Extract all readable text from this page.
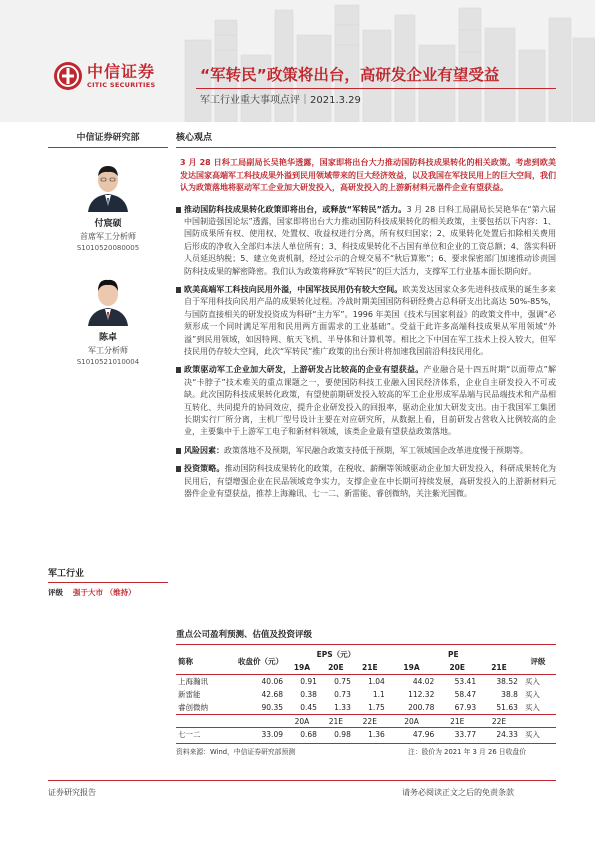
中信证券
CITIC SECURITIES
“军转民”政策将出台，高研发企业有望受益
军工行业重大事项点评｜2021.3.29
中信证券研究部
付宸硕
首席军工分析师
S1010520080005
陈卓
军工分析师
S1010521010004
军工行业
评级 强于大市 （维持）
核心观点
3 月 28 日科工局副局长吴艳华透露，国家即将出台大力推动国防科技成果转化的相关政策。考虑到欧美发达国家高端军工科技成果外溢到民用领域带来的巨大经济效益，以及我国在军技民用上的巨大空间，我们认为政策落地将驱动军工企业加大研发投入，高研发投入的上游新材料元器件企业有望获益。
推动国防科技成果转化政策即将出台，或释放“军转民”活力。3 月 28 日科工局副局长吴艳华在“第六届中国制造强国论坛”透露，国家即将出台大力推动国防科技成果转化的相关政策，主要包括以下内容：1、国防成果所有权、使用权、处置权、收益权进行分离，所有权归国家；2、成果转化处置后扣除相关费用后形成的净收入全部归本法人单位所有；3、科技成果转化不占国有单位和企业的工资总额；4、落实科研人员延迟纳税；5、建立免责机制，经过公示的合规交易不“秋后算账”；6、要求保密部门加速推动诊责国防科技成果的解密降密。我们认为政策将释放“军转民”的巨大活力，支撑军工行业基本面长期向好。
欧美高端军工科技向民用外溢，中国军技民用仍有较大空间。欧美发达国家众多先进科技成果的诞生多来自于军用科技向民用产品的成果转化过程。冷战时期美国国防科研经费占总科研支出比高达 50%-85%，与国防直接相关的研发投资成为科研“主力军”。1996 年美国《技术与国家利益》的政策文件中，强调“必须形成一个同时满足军用和民用两方面需求的工业基础”。受益于此许多高端科技成果从军用领域“外溢”到民用领域，如因特网、航天飞机、半导体和计算机等。相比之下中国在军工技术上投入较大，但军技民用仍存较大空间，此次“军转民”推广政策的出台预计将加速我国前沿科技民用化。
政策驱动军工企业加大研发，上游研发占比较高的企业有望获益。产业融合是十四五时期“以面带点”解决“卡脖子”技术难关的重点课题之一，要使国防科技工业融入国民经济体系，企业自主研发投入不可或缺。此次国防科技成果转化政策，有望使前期研发投入较高的军工企业形成军品端与民品端技术和产品相互转化、共同提升的协同效应，提升企业研发投入的回报率，驱动企业加大研发支出。由于我国军工集团长期实行厂所分离，主机厂型号设计主要在对应研究所，从数据上看，目前研发占营收入比例较高的企业，主要集中于上游军工电子和新材料领域，该类企业最有望获益政策落地。
风险因素：政策落地不及预期，军民融合政策支持低于预期，军工领域国企改革进度慢于预期等。
投资策略。推动国防科技成果转化的政策，在税收、薪酬等领域驱动企业加大研发投入，科研成果转化为民用后，有望增强企业在民品领域竞争实力，支撑企业在中长期可持续发展，高研发投入的上游新材料元器件企业有望获益，推荐上海瀚讯、七一二、新雷能、睿创微纳，关注紫光国微。
重点公司盈利预测、估值及投资评级
简称	收盘价（元）	EPS（元）			PE			评级
		19A	20E	21E	19A	20E	21E	
上海瀚讯	40.06	0.91	0.75	1.04	44.02	53.41	38.52	买入
新雷能	42.68	0.38	0.73	1.1	112.32	58.47	38.8	买入
睿创微纳	90.35	0.45	1.33	1.75	200.78	67.93	51.63	买入
		20A	21E	22E	20A	21E	22E	
七一二	33.09	0.68	0.98	1.36	47.96	33.77	24.33	买入
资料来源：Wind，中信证券研究部预测	注：股价为 2021 年 3 月 26 日收盘价
证券研究报告	请务必阅读正文之后的免责条款
